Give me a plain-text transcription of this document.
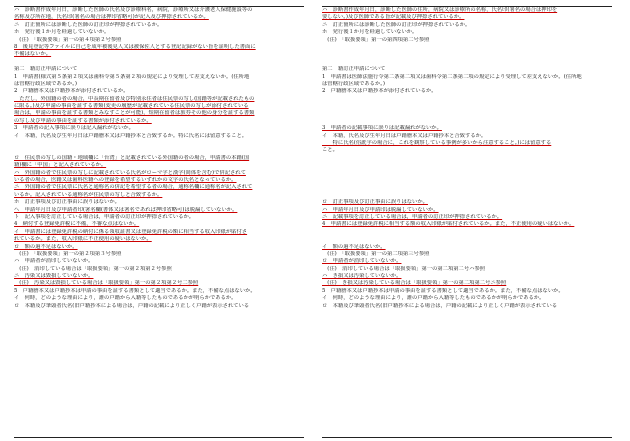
ハ　診断書作成年月日，診断した医師の氏名及び診療科名，病院，診療所又は介護老人保健施設等の
名称及び所在地，氏名印(署名の場合は押印省略可)が記入及び押捺されているか。
ニ　訂正箇所には診断した医師の訂正印が押捺されているか。
ホ　発行後１か月を経過していないか。
　(注)　「取扱要領」第一の第４項第２号参照
8　後見登記等ファイルに自己を成年被後見人又は被保佐人とする登記記録がない旨を証明した書面に
不備はないか。
第二　籍訂正申請について
1　申請書(様式第５条第２項又は歯科令第５条第２項の規定により受理して差支えないか。(住所地
は管轄行政区域であるか。)
2　戸籍謄本又は戸籍抄本が添付されているか。
　ただし，外国籍の者の場合，中長期在留者及び特別永住者は住民票の写し(国籍等が記載されたもの
に限る。)及び申請の事由を証する書類(変更の履歴が記載されている住民票の写しが添付されている
場合は，申請の事由を証する書類とみなすことが可能)，短期在留者は旅券その他の身分を証する書類
の写し及び申請の事由を証する書類が添付されているか。
3　申請者の記入事項に誤りは記入漏れがないか。
イ　本籍，氏名及び生年月日は戸籍謄本又は戸籍抄本と合致するか。特に氏名には留意すること。
ロ　住民票の写しの国籍・地域欄に「台湾」と記載されている外国籍の者の場合，申請書の本籍(国
籍)欄に「中国」と記入されているか。
ハ　外国籍の者で住民票の写しに記載されている氏名がローマ字と漢字(简体を含む)で併記されて
いる者の場合，医籍又は歯科医籍への登録を希望するいずれかの文字の氏名となっているか。
ニ　外国籍の者で住民票に氏名と通称名の併記を希望する者の場合，通称名欄に通称名が記入されて
いるか。記入されている通称名が住民票の写しと合致するか。
ホ　訂正事項及び訂正事由に誤りはないか。
へ　申請年月日及び申請者印(署名欄(書体又は署名であれば押印省略可)は脱漏していないか。
ト　記入事項を訂正している場合は，申請者の訂正印が押捺されているか。
4　納付する登録免許税に不備，不審な点はないか。
イ　申請書には登録免許税の納付に係る領収証書又は登録免許税の額に相当する収入印紙が貼付さ
れているか。また，収入印紙に不正使用の疑いはないか。
ロ　額の過不足はないか。
　(注)　「取扱要領」第一の第２項第３号参照
ハ　申請者が消印していないか。
　(注)　消印している場合は「取扱要領」第一の第２項第２号参照
ニ　汚染又は毀損していないか。
　(注)　汚染又は毀損している場合は「取扱要領」第一の第２項第２号二参照
5　戸籍謄本又は戸籍抄本は申請の事由を証する書類として適当であるか。また，不備な点はないか。
イ　何時，どのような理由により，誰の戸籍から入籍等したものであるかが明らかであるか。
ロ　本籍及び筆頭者氏名(旧戸籍抄本による場合は，戸籍の記載により正しく戸籍が表示されている
ハ　診断書作成年月日，診断した医師の住所，病院又は診療所の名称，氏名印(署名の場合は押印を
要しない。)及び医師である旨が記載及び押捺されているか。
ニ　訂正箇所には診断した医師の訂正印が押捺されているか。
ホ　発行後１か月を経過していないか。
　(注)　「取扱要領」第一の第四項第二号参照
第二　籍訂正申請について
1　申請書は医師法施行令第二条第二項又は歯科令第二条第二項の規定により受理して差支えないか。(住所地
は管轄行政区域であるか。)
2　戸籍謄本又は戸籍抄本が添付されているか。
3　申請者の記載事項に誤りは記載漏れがないか。
イ　本籍，氏名及び生年月日は戸籍謄本又は戸籍抄本と合致するか。
　　特に氏名(俗訛字の場合に，これを観察している事例が多いから注意すること。)には留意する
こと。
ロ　訂正事項及び訂正事由に誤りはないか。
ハ　申請年月日及び申請印は脱漏していないか。
ニ　記載事項を訂正している場合は，申請者の訂正印が押捺されているか。
4　申請書には登録免許税に相当する額の収入印紙が貼付されているか。また，不正使用の疑いはないか。
イ　額の過不足はないか。
　(注)　「取扱要領」第一の第二項第三号参照
ロ　申請者が消印していないか。
　(注)　消印している場合は「取扱要領」第一の第二項第二号ハ参照
ハ　き損又は汚染していないか。
　(注)　き損又は汚染している場合は「取扱要領」第一の第二項第二号ニ参照
5　戸籍謄本又は戸籍抄本は申請の事由を証する書類として適当であるか。また，不備な点はないか。
イ　何時，どのような理由により，誰の戸籍から入籍等したものであるかが明らかであるか。
ロ　本籍及び筆頭者氏名(旧戸籍抄本による場合は，戸籍の記載により正しく戸籍が表示されている
